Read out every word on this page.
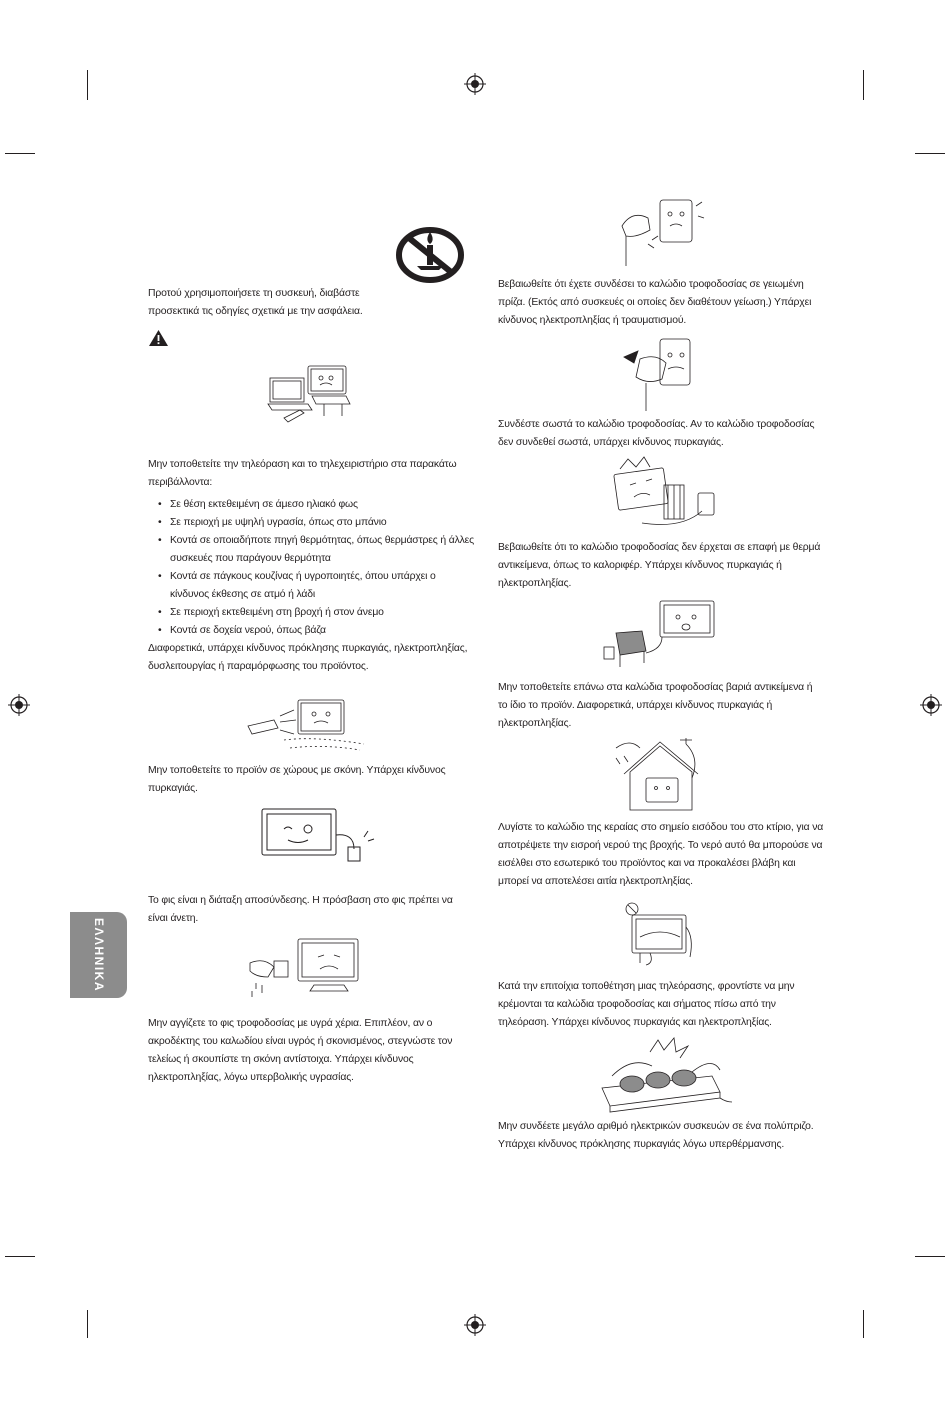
Προτού χρησιμοποιήσετε τη συσκευή, διαβάστε προσεκτικά τις οδηγίες σχετικά με την ασφάλεια.
Μην τοποθετείτε την τηλεόραση και το τηλεχειριστήριο στα παρακάτω περιβάλλοντα:
• Σε θέση εκτεθειμένη σε άμεσο ηλιακό φως
• Σε περιοχή με υψηλή υγρασία, όπως στο μπάνιο
• Κοντά σε οποιαδήποτε πηγή θερμότητας, όπως θερμάστρες ή άλλες συσκευές που παράγουν θερμότητα
• Κοντά σε πάγκους κουζίνας ή υγροποιητές, όπου υπάρχει ο κίνδυνος έκθεσης σε ατμό ή λάδι
• Σε περιοχή εκτεθειμένη στη βροχή ή στον άνεμο
• Κοντά σε δοχεία νερού, όπως βάζα
Διαφορετικά, υπάρχει κίνδυνος πρόκλησης πυρκαγιάς, ηλεκτροπληξίας, δυσλειτουργίας ή παραμόρφωσης του προϊόντος.
Μην τοποθετείτε το προϊόν σε χώρους με σκόνη. Υπάρχει κίνδυνος πυρκαγιάς.
Το φις είναι η διάταξη αποσύνδεσης. Η πρόσβαση στο φις πρέπει να είναι άνετη.
Μην αγγίζετε το φις τροφοδοσίας με υγρά χέρια. Επιπλέον, αν ο ακροδέκτης του καλωδίου είναι υγρός ή σκονισμένος, στεγνώστε τον τελείως ή σκουπίστε τη σκόνη αντίστοιχα. Υπάρχει κίνδυνος ηλεκτροπληξίας, λόγω υπερβολικής υγρασίας.
ΕΛΛΗΝΙΚΑ
Βεβαιωθείτε ότι έχετε συνδέσει το καλώδιο τροφοδοσίας σε γειωμένη πρίζα. (Εκτός από συσκευές οι οποίες δεν διαθέτουν γείωση.) Υπάρχει κίνδυνος ηλεκτροπληξίας ή τραυματισμού.
Συνδέστε σωστά το καλώδιο τροφοδοσίας. Αν το καλώδιο τροφοδοσίας δεν συνδεθεί σωστά, υπάρχει κίνδυνος πυρκαγιάς.
Βεβαιωθείτε ότι το καλώδιο τροφοδοσίας δεν έρχεται σε επαφή με θερμά αντικείμενα, όπως το καλοριφέρ. Υπάρχει κίνδυνος πυρκαγιάς ή ηλεκτροπληξίας.
Μην τοποθετείτε επάνω στα καλώδια τροφοδοσίας βαριά αντικείμενα ή το ίδιο το προϊόν. Διαφορετικά, υπάρχει κίνδυνος πυρκαγιάς ή ηλεκτροπληξίας.
Λυγίστε το καλώδιο της κεραίας στο σημείο εισόδου του στο κτίριο, για να αποτρέψετε την εισροή νερού της βροχής. Το νερό αυτό θα μπορούσε να εισέλθει στο εσωτερικό του προϊόντος και να προκαλέσει βλάβη και μπορεί να αποτελέσει αιτία ηλεκτροπληξίας.
Κατά την επιτοίχια τοποθέτηση μιας τηλεόρασης, φροντίστε να μην κρέμονται τα καλώδια τροφοδοσίας και σήματος πίσω από την τηλεόραση. Υπάρχει κίνδυνος πυρκαγιάς και ηλεκτροπληξίας.
Μην συνδέετε μεγάλο αριθμό ηλεκτρικών συσκευών σε ένα πολύπριζο. Υπάρχει κίνδυνος πρόκλησης πυρκαγιάς λόγω υπερθέρμανσης.
